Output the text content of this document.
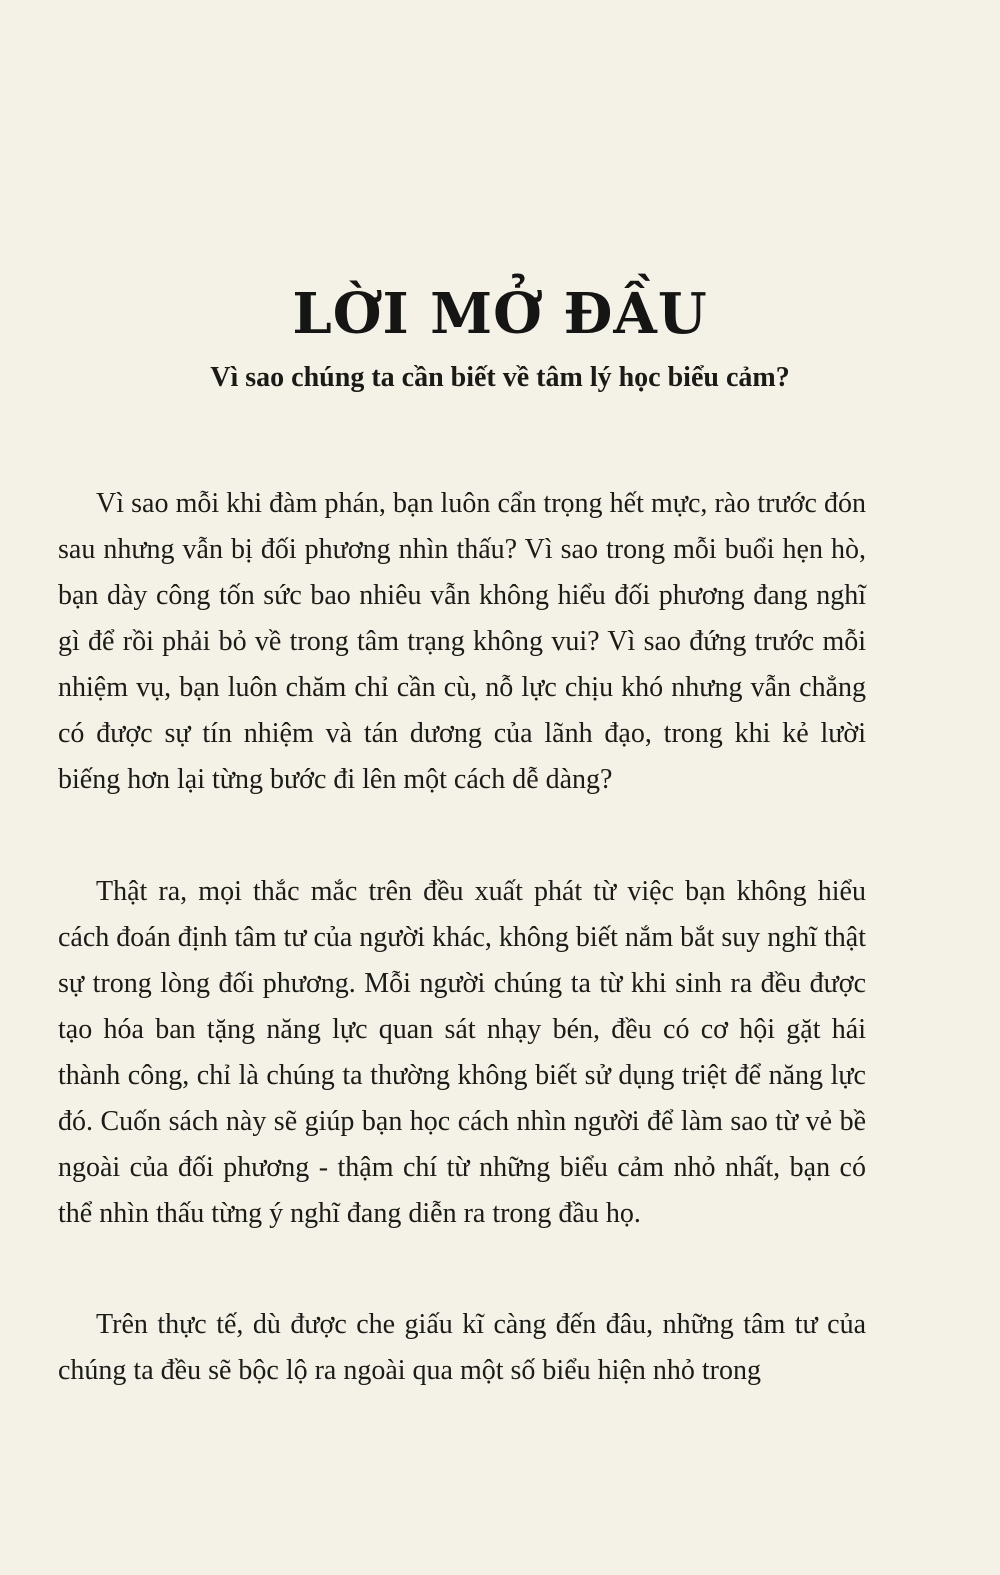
LỜI MỞ ĐẦU
Vì sao chúng ta cần biết về tâm lý học biểu cảm?

Vì sao mỗi khi đàm phán, bạn luôn cẩn trọng hết mực, rào trước đón sau nhưng vẫn bị đối phương nhìn thấu? Vì sao trong mỗi buổi hẹn hò, bạn dày công tốn sức bao nhiêu vẫn không hiểu đối phương đang nghĩ gì để rồi phải bỏ về trong tâm trạng không vui? Vì sao đứng trước mỗi nhiệm vụ, bạn luôn chăm chỉ cần cù, nỗ lực chịu khó nhưng vẫn chẳng có được sự tín nhiệm và tán dương của lãnh đạo, trong khi kẻ lười biếng hơn lại từng bước đi lên một cách dễ dàng?

Thật ra, mọi thắc mắc trên đều xuất phát từ việc bạn không hiểu cách đoán định tâm tư của người khác, không biết nắm bắt suy nghĩ thật sự trong lòng đối phương. Mỗi người chúng ta từ khi sinh ra đều được tạo hóa ban tặng năng lực quan sát nhạy bén, đều có cơ hội gặt hái thành công, chỉ là chúng ta thường không biết sử dụng triệt để năng lực đó. Cuốn sách này sẽ giúp bạn học cách nhìn người để làm sao từ vẻ bề ngoài của đối phương - thậm chí từ những biểu cảm nhỏ nhất, bạn có thể nhìn thấu từng ý nghĩ đang diễn ra trong đầu họ.

Trên thực tế, dù được che giấu kĩ càng đến đâu, những tâm tư của chúng ta đều sẽ bộc lộ ra ngoài qua một số biểu hiện nhỏ trong
